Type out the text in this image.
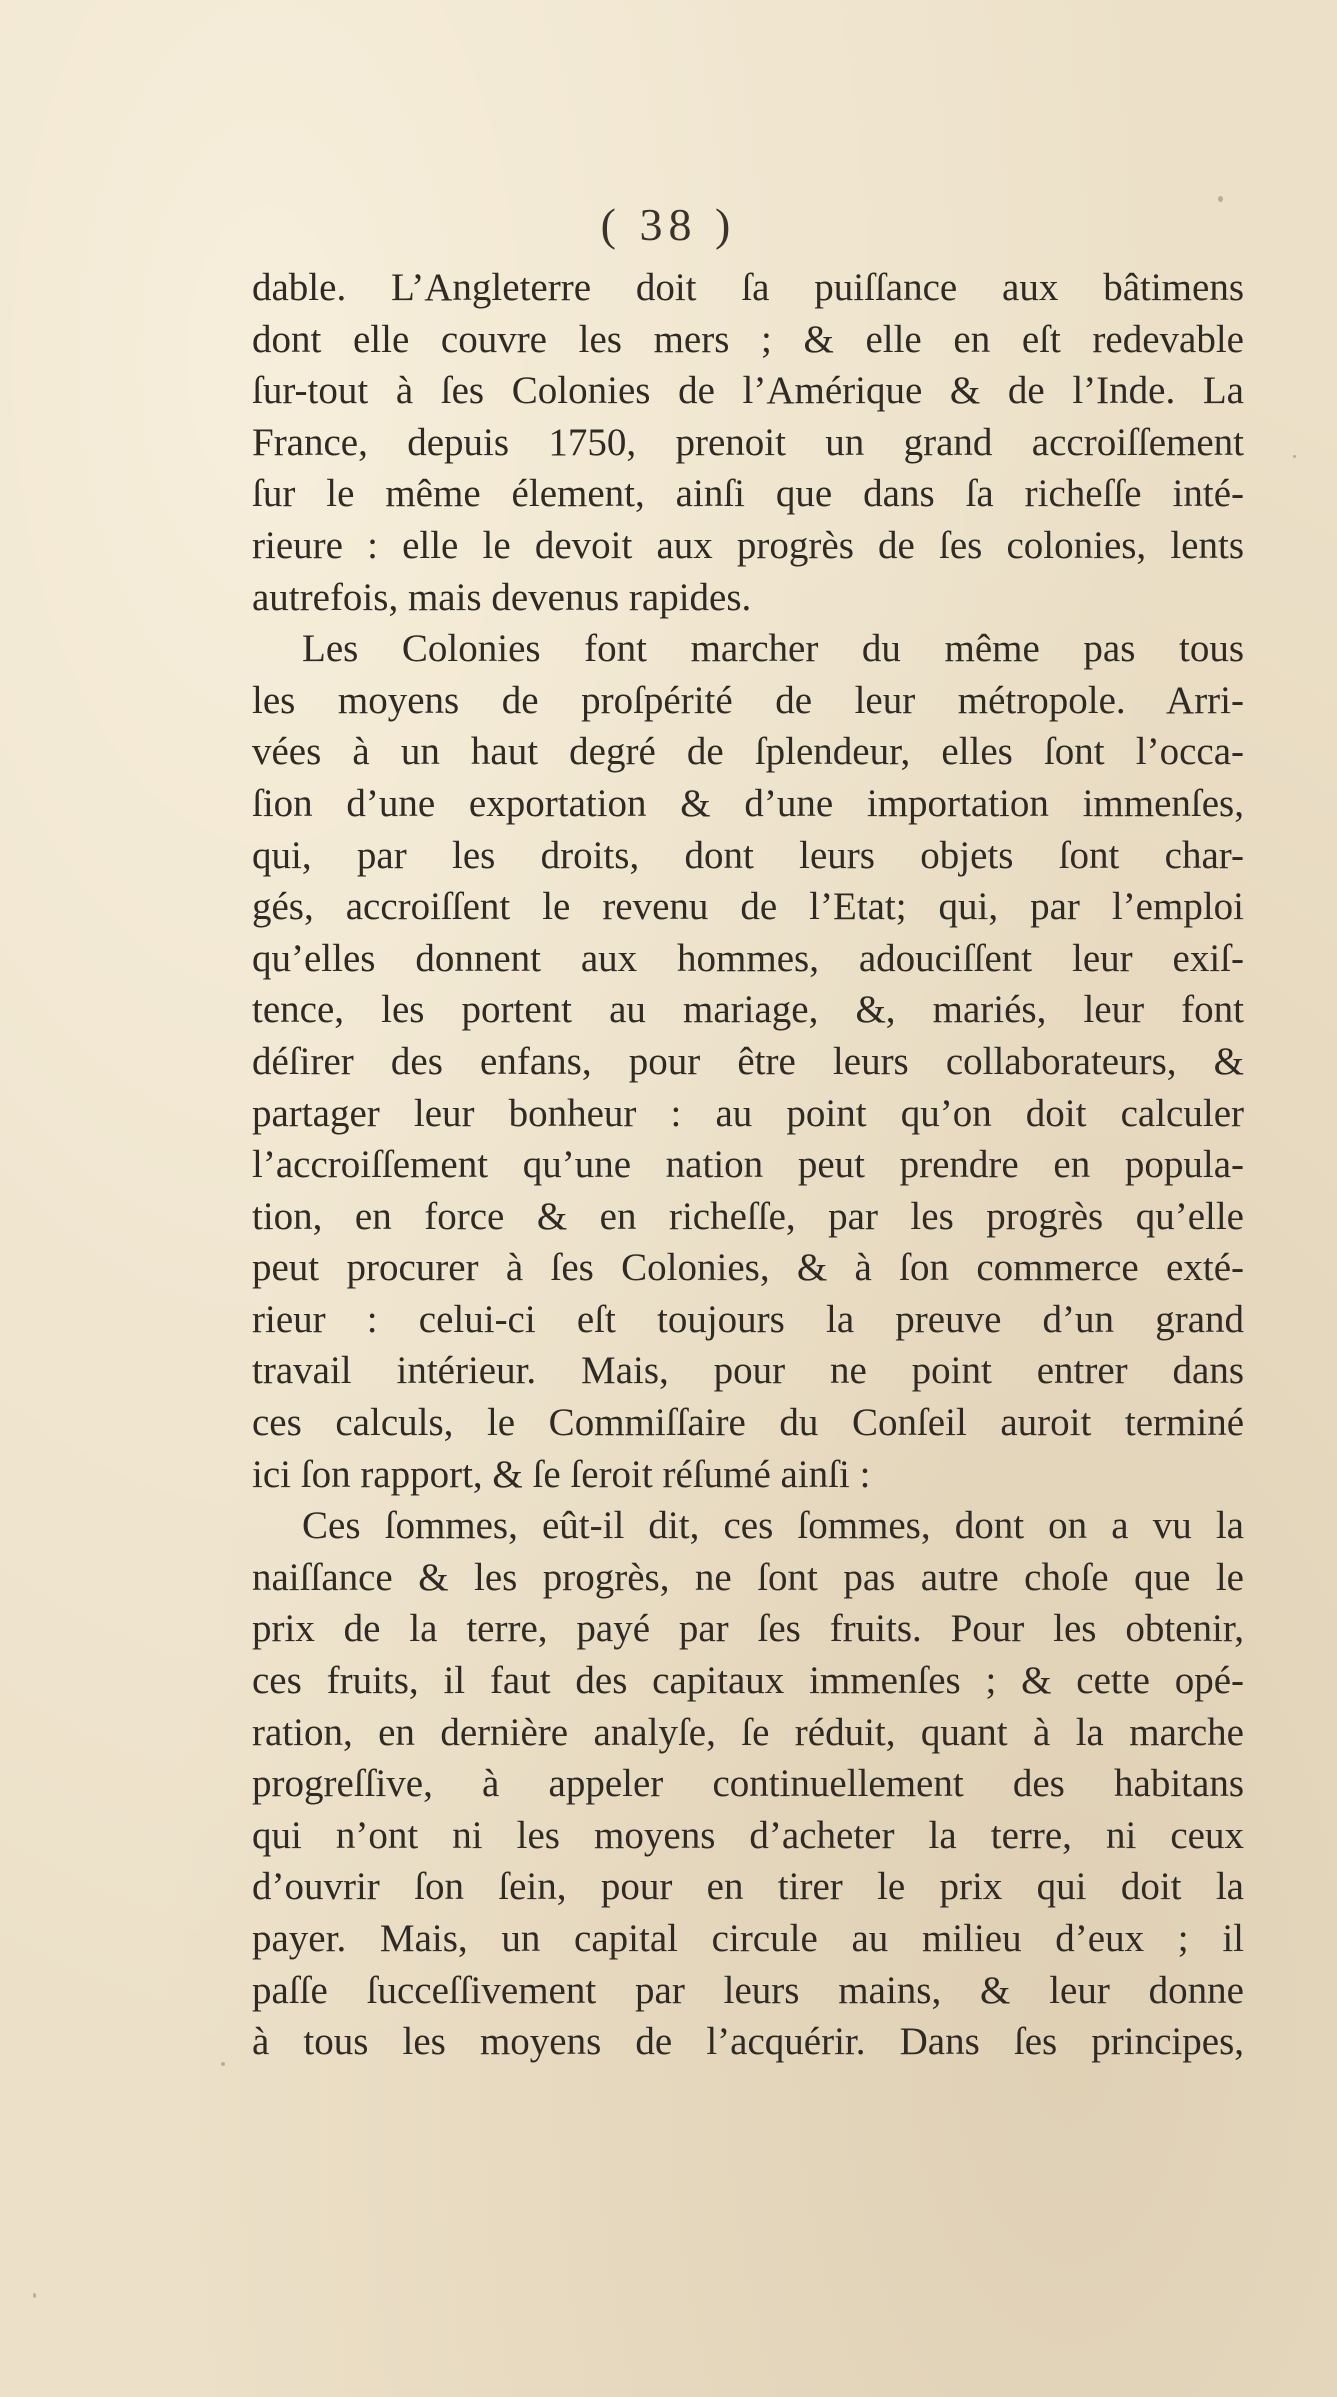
( 38 )
dable. L’Angleterre doit ſa puiſſance aux bâtimens
dont elle couvre les mers ; & elle en eſt redevable
ſur-tout à ſes Colonies de l’Amérique & de l’Inde. La
France, depuis 1750, prenoit un grand accroiſſement
ſur le même élement, ainſi que dans ſa richeſſe inté-
rieure : elle le devoit aux progrès de ſes colonies, lents
autrefois, mais devenus rapides.
Les Colonies font marcher du même pas tous
les moyens de proſpérité de leur métropole. Arri-
vées à un haut degré de ſplendeur, elles ſont l’occa-
ſion d’une exportation & d’une importation immenſes,
qui, par les droits, dont leurs objets ſont char-
gés, accroiſſent le revenu de l’Etat; qui, par l’emploi
qu’elles donnent aux hommes, adouciſſent leur exiſ-
tence, les portent au mariage, &, mariés, leur font
déſirer des enfans, pour être leurs collaborateurs, &
partager leur bonheur : au point qu’on doit calculer
l’accroiſſement qu’une nation peut prendre en popula-
tion, en force & en richeſſe, par les progrès qu’elle
peut procurer à ſes Colonies, & à ſon commerce exté-
rieur : celui-ci eſt toujours la preuve d’un grand
travail intérieur. Mais, pour ne point entrer dans
ces calculs, le Commiſſaire du Conſeil auroit terminé
ici ſon rapport, & ſe ſeroit réſumé ainſi :
Ces ſommes, eût-il dit, ces ſommes, dont on a vu la
naiſſance & les progrès, ne ſont pas autre choſe que le
prix de la terre, payé par ſes fruits. Pour les obtenir,
ces fruits, il faut des capitaux immenſes ; & cette opé-
ration, en dernière analyſe, ſe réduit, quant à la marche
progreſſive, à appeler continuellement des habitans
qui n’ont ni les moyens d’acheter la terre, ni ceux
d’ouvrir ſon ſein, pour en tirer le prix qui doit la
payer. Mais, un capital circule au milieu d’eux ; il
paſſe ſucceſſivement par leurs mains, & leur donne
à tous les moyens de l’acquérir. Dans ſes principes,
